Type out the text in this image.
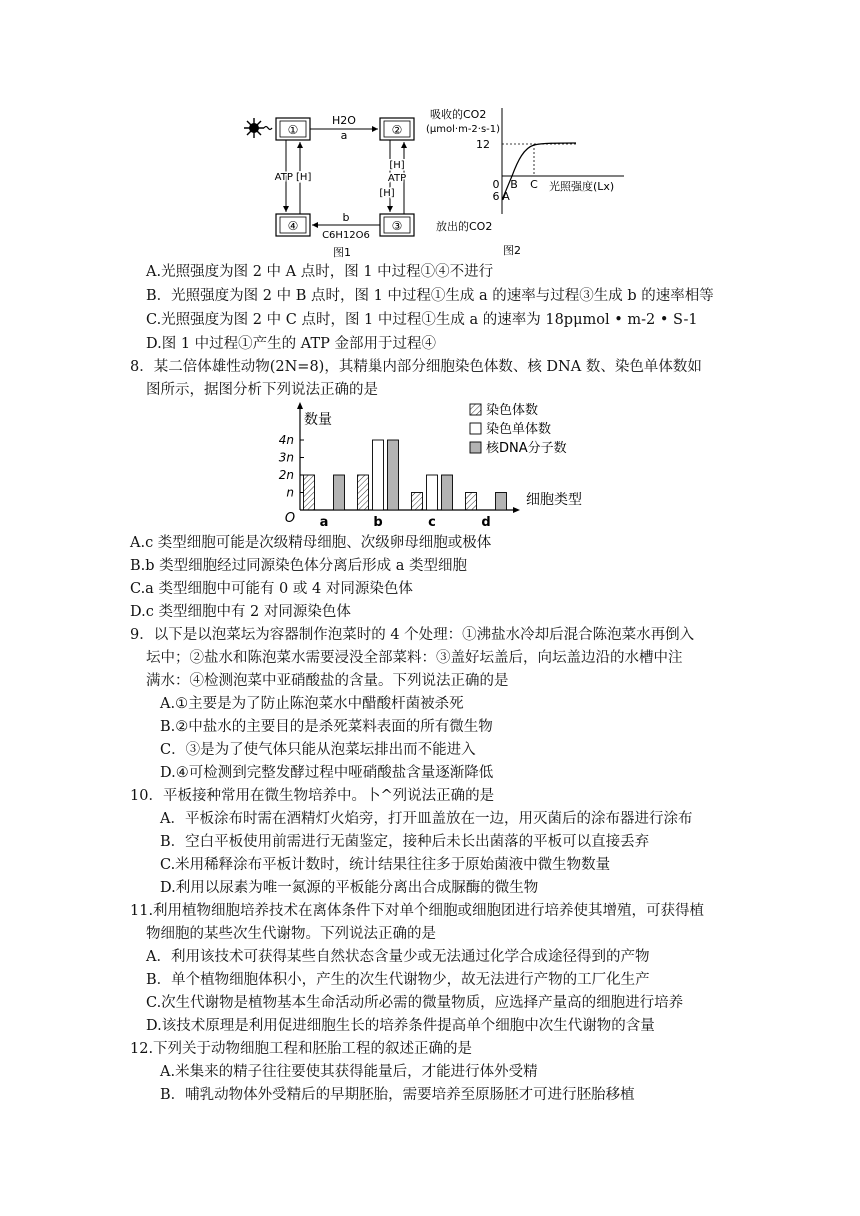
①	②
④	③
H2O
a
b
C6H12O6
ATP [H]
[H]
ATP
[H]
图1
吸收的CO2
(μmol·m-2·s-1)
12
0 B C
6 A
光照强度(Lx)
放出的CO2
图2
A.光照强度为图 2 中 A 点时，图 1 中过程①④不进行
B．光照强度为图 2 中 B 点时，图 1 中过程①生成 a 的速率与过程③生成 b 的速率相等
C.光照强度为图 2 中 C 点时，图 1 中过程①生成 a 的速率为 18pμmol • m-2 • S-1
D.图 1 中过程①产生的 ATP 金部用于过程④
8．某二倍体雄性动物(2N=8)，其精巢内部分细胞染色体数、核 DNA 数、染色单体数如
图所示，据图分析下列说法正确的是
数量
细胞类型
O
n
2n
3n
4n
a	b	c	d
染色体数
染色单体数
核DNA分子数
A.c 类型细胞可能是次级精母细胞、次级卵母细胞或极体
B.b 类型细胞经过同源染色体分离后形成 a 类型细胞
C.a 类型细胞中可能有 0 或 4 对同源染色体
D.c 类型细胞中有 2 对同源染色体
9．以下是以泡菜坛为容器制作泡菜时的 4 个处理：①沸盐水冷却后混合陈泡菜水再倒入
坛中；②盐水和陈泡菜水需要浸没全部菜料：③盖好坛盖后，向坛盖边沿的水槽中注
满水：④检测泡菜中亚硝酸盐的含量。下列说法正确的是
A.①主要是为了防止陈泡菜水中醋酸杆菌被杀死
B.②中盐水的主要目的是杀死菜料表面的所有微生物
C．③是为了使气体只能从泡菜坛排出而不能进入
D.④可检测到完整发酵过程中哑硝酸盐含量逐渐降低
10．平板接种常用在微生物培养中。卜^列说法正确的是
A．平板涂布时需在酒精灯火焰旁，打开皿盖放在一边，用灭菌后的涂布器进行涂布
B．空白平板使用前需进行无菌鉴定，接种后未长出菌落的平板可以直接丢弃
C.米用稀释涂布平板计数时，统计结果往往多于原始菌液中微生物数量
D.利用以尿素为唯一氮源的平板能分离出合成脲酶的微生物
11.利用植物细胞培养技术在离体条件下对单个细胞或细胞团进行培养使其增殖，可获得植
物细胞的某些次生代谢物。下列说法正确的是
A．利用该技术可获得某些自然状态含量少或无法通过化学合成途径得到的产物
B．单个植物细胞体积小，产生的次生代谢物少，故无法进行产物的工厂化生产
C.次生代谢物是植物基本生命活动所必需的微量物质，应选择产量高的细胞进行培养
D.该技术原理是利用促进细胞生长的培养条件提高单个细胞中次生代谢物的含量
12.下列关于动物细胞工程和胚胎工程的叙述正确的是
A.米集来的精子往往要使其获得能量后，才能进行体外受精
B．哺乳动物体外受精后的早期胚胎，需要培养至原肠胚才可进行胚胎移植
